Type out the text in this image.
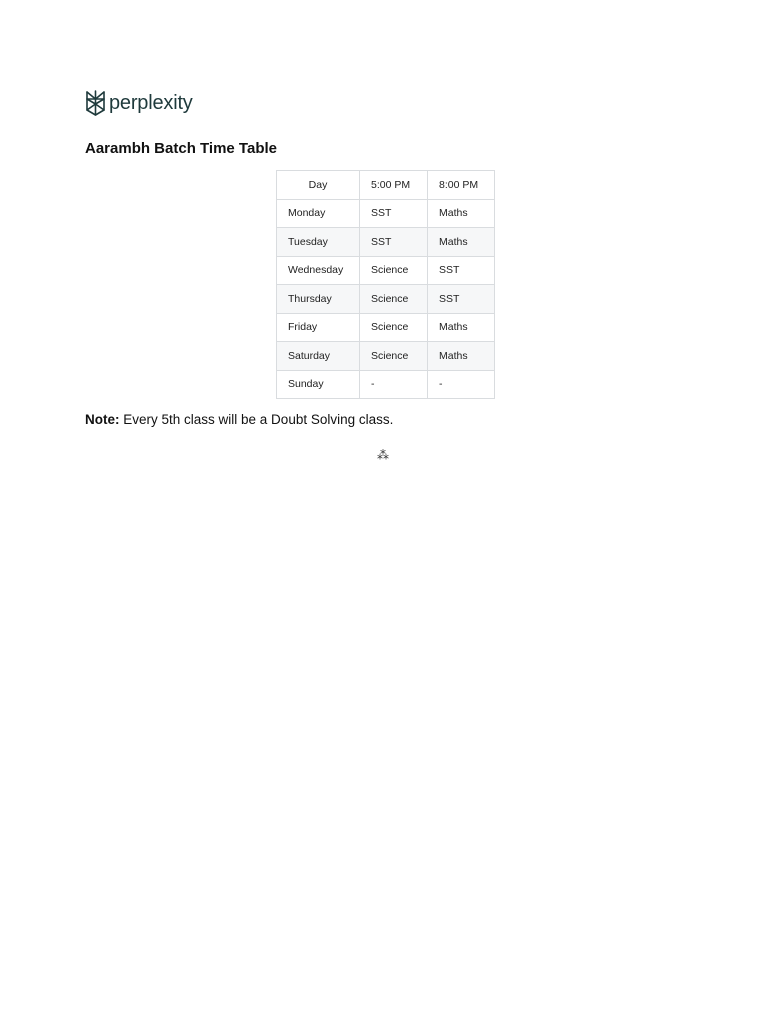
perplexity
Aarambh Batch Time Table
Day	5:00 PM	8:00 PM
Monday	SST	Maths
Tuesday	SST	Maths
Wednesday	Science	SST
Thursday	Science	SST
Friday	Science	Maths
Saturday	Science	Maths
Sunday	-	-

Note: Every 5th class will be a Doubt Solving class.

⁂
